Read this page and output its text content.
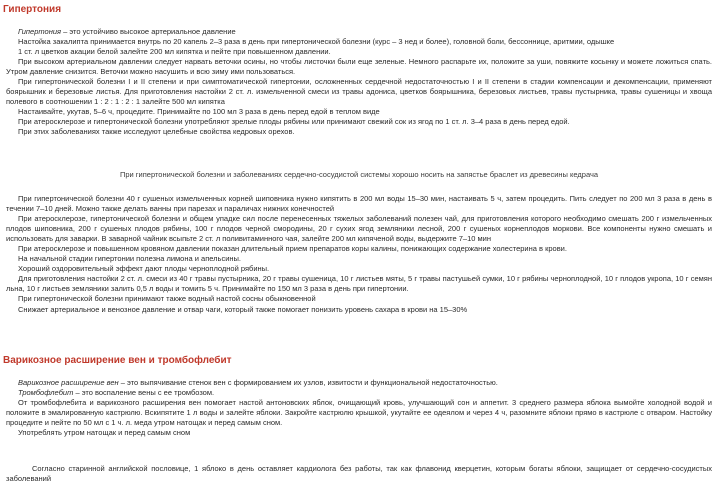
Гипертония

Гипертония – это устойчиво высокое артериальное давление

Настойка закалипта принимается внутрь по 20 капель 2–3 раза в день при гипертонической болезни (курс – 3 нед и более), головной боли, бессоннице, аритмии, одышке

1 ст. л цветков акации белой залейте 200 мл кипятка и пейте при повышенном давлении.

При высоком артериальном давлении следует нарвать веточки осины, но чтобы листочки были еще зеленые. Немного распарьте их, положите за уши, повяжите косынку и можете ложиться спать. Утром давление снизится. Веточки можно насушить и всю зиму ими пользоваться.

При гипертонической болезни I и II степени и при симптоматической гипертонии, осложненных сердечной недостаточностью I и II степени в стадии компенсации и декомпенсации, применяют боярышник и березовые листья. Для приготовления настойки 2 ст. л. измельченной смеси из травы адониса, цветков боярышника, березовых листьев, травы пустырника, травы сушеницы и хвоща полевого в соотношении 1 : 2 : 1 : 2 : 1 залейте 500 мл кипятка

Настаивайте, укутав, 5–6 ч, процедите. Принимайте по 100 мл 3 раза в день перед едой в теплом виде

При атеросклерозе и гипертонической болезни употребляют зрелые плоды рябины или принимают свежий сок из ягод по 1 ст. л. 3–4 раза в день перед едой.

При этих заболеваниях также исследуют целебные свойства кедровых орехов.

При гипертонической болезни и заболеваниях сердечно-сосудистой системы хорошо носить на запястье браслет из древесины кедрача

При гипертонической болезни 40 г сушеных измельченных корней шиповника нужно кипятить в 200 мл воды 15–30 мин, настаивать 5 ч, затем процедить. Пить следует по 200 мл 3 раза в день в течении 7–10 дней. Можно также делать ванны при парезах и параличах нижних конечностей

При атеросклерозе, гипертонической болезни и общем упадке сил после перенесенных тяжелых заболеваний полезен чай, для приготовления которого необходимо смешать 200 г измельченных плодов шиповника, 200 г сушеных плодов рябины, 100 г плодов черной смородины, 20 г сухих ягод земляники лесной, 200 г сушеных корнеплодов моркови. Все компоненты нужно смешать и использовать для заварки. В заварной чайник всыпьте 2 ст. л поливитаминного чая, залейте 200 мл кипяченой воды, выдержите 7–10 мин

При атеросклерозе и повышенном кровяном давлении показан длительный прием препаратов коры калины, понижающих содержание холестерина в крови.

На начальной стадии гипертонии полезна лимона и апельсины.

Хороший оздоровительный эффект дают плоды черноплодной рябины.

Для приготовления настойки 2 ст. л. смеси из 40 г травы пустырника, 20 г травы сушеница, 10 г листьев мяты, 5 г травы пастушьей сумки, 10 г рябины черноплодной, 10 г плодов укропа, 10 г семян льна, 10 г листьев земляники залить 0,5 л воды и томить 5 ч. Принимайте по 150 мл 3 раза в день при гипертонии.

При гипертонической болезни принимают также водный настой сосны обыкновенной

Снижает артериальное и венозное давление и отвар чаги, который также помогает понизить уровень сахара в крови на 15–30%

Варикозное расширение вен и тромбофлебит

Варикозное расширение вен – это выпячивание стенок вен с формированием их узлов, извитости и функциональной недостаточностью.

Тромбофлебит – это воспаление вены с ее тромбозом.

От тромбофлебита и варикозного расширения вен помогает настой антоновских яблок, очищающий кровь, улучшающий сон и аппетит. 3 среднего размера яблока вымойте холодной водой и положите в эмалированную кастрюлю. Вскипятите 1 л воды и залейте яблоки. Закройте кастрюлю крышкой, укутайте ее одеялом и через 4 ч, разомните яблоки прямо в кастрюле с отваром. Настойку процедите и пейте по 50 мл с 1 ч. л. меда утром натощак и перед самым сном.

Употреблять утром натощак и перед самым сном

Согласно старинной английской пословице, 1 яблоко в день оставляет кардиолога без работы, так как флавонид кверцетин, которым богаты яблоки, защищает от сердечно-сосудистых заболеваний
